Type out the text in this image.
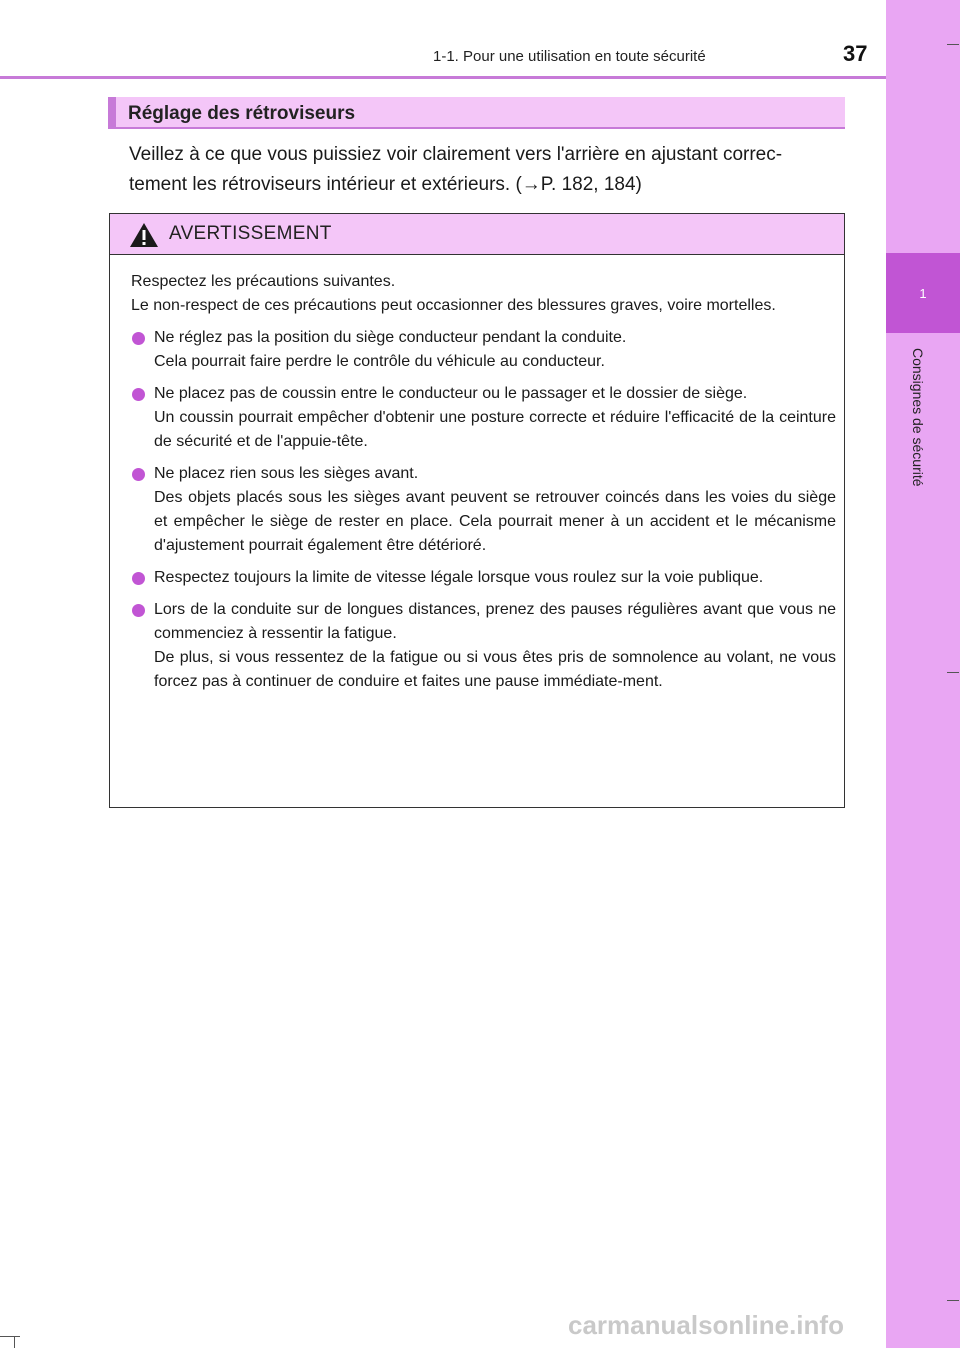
1
Consignes de sécurité
1-1. Pour une utilisation en toute sécurité	37
Réglage des rétroviseurs
Veillez à ce que vous puissiez voir clairement vers l'arrière en ajustant correc-
tement les rétroviseurs intérieur et extérieurs. (→P. 182, 184)
AVERTISSEMENT

Respectez les précautions suivantes.

Le non-respect de ces précautions peut occasionner des blessures graves, voire mortelles.

Ne réglez pas la position du siège conducteur pendant la conduite.

Cela pourrait faire perdre le contrôle du véhicule au conducteur.

Ne placez pas de coussin entre le conducteur ou le passager et le dossier de siège.

Un coussin pourrait empêcher d'obtenir une posture correcte et réduire l'efficacité de la ceinture de sécurité et de l'appuie-tête.

Ne placez rien sous les sièges avant.

Des objets placés sous les sièges avant peuvent se retrouver coincés dans les voies du siège et empêcher le siège de rester en place. Cela pourrait mener à un accident et le mécanisme d'ajustement pourrait également être détérioré.

Respectez toujours la limite de vitesse légale lorsque vous roulez sur la voie publique.

Lors de la conduite sur de longues distances, prenez des pauses régulières avant que vous ne commenciez à ressentir la fatigue.

De plus, si vous ressentez de la fatigue ou si vous êtes pris de somnolence au volant, ne vous forcez pas à continuer de conduire et faites une pause immédiate-ment.

carmanualsonline.info
